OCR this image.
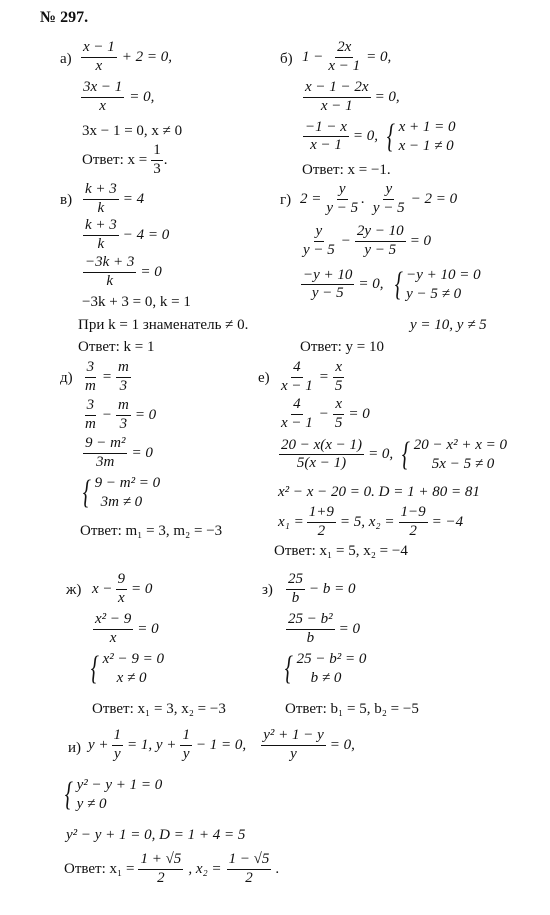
№ 297.
$а) \frac{x - 1}{x} + 2 = 0$,
$\frac{3x - 1}{x} = 0$,
3x − 1 = 0, x ≠ 0
Ответ: $x = \frac{1}{3}$ .
б) $1 - \frac{2x}{x - 1} = 0$,
$\frac{x - 1 - 2x}{x - 1} = 0$,
$\frac{-1 - x}{x - 1} = 0$, { x + 1 = 0
x − 1 ≠ 0
Ответ: x = −1.
$в) \frac{k + 3}{k} = 4$
$\frac{k + 3}{k} - 4 = 0$
$\frac{-3k + 3}{k} = 0$
−3k + 3 = 0, k = 1
При k = 1 знаменатель ≠ 0.
Ответ: k = 1
г) $2 = \frac{y}{y - 5}$ . $\frac{y}{y - 5} - 2 = 0$
$\frac{y}{y - 5} - \frac{2y - 10}{y - 5} = 0$
$\frac{-y + 10}{y - 5} = 0$, { −y + 10 = 0
y − 5 ≠ 0
y = 10, y ≠ 5
Ответ: y = 10
$д) \frac{3}{m} = \frac{m}{3}$
$\frac{3}{m} - \frac{m}{3} = 0$
$\frac{\text{9 − m²}}{3m} = 0$
{ 9 − m² = 0
3m ≠ 0
Ответ: m₁ = 3, m₂ = −3
$е) \frac{4}{x - 1} = \frac{x}{5}$
$\frac{4}{x - 1} - \frac{x}{5} = 0$
$\frac{20 - x(x - 1)}{5(x - 1)} = 0$, { 20 − x² + x = 0
5x − 5 ≠ 0
x² − x − 20 = 0. D = 1 + 80 = 81
$x_1 = \frac{1+9}{2} = 5$, $x_2 = \frac{1-9}{2} = -4$
Ответ: x₁ = 5, x₂ = −4
ж) $x - \frac{9}{x} = 0$
$\frac{\text{x² − 9}}{x} = 0$
{ x² − 9 = 0
x ≠ 0
Ответ: x₁ = 3, x₂ = −3
$з) \frac{25}{b} - b = 0$
$\frac{\text{25 − b²}}{b} = 0$
{ 25 − b² = 0
b ≠ 0
Ответ: b₁ = 5, b₂ = −5
и) $y + \frac{1}{y} = 1$, $y + \frac{1}{y} - 1 = 0$, $\frac{\text{y² + 1 − y}}{y} = 0$,
{ y² − y + 1 = 0
y ≠ 0
y² − y + 1 = 0, D = 1 + 4 = 5
Ответ: $x_1 = \frac{1 + √5}{2}$ , $x_2 = \frac{1 - √5}{2}$ .
